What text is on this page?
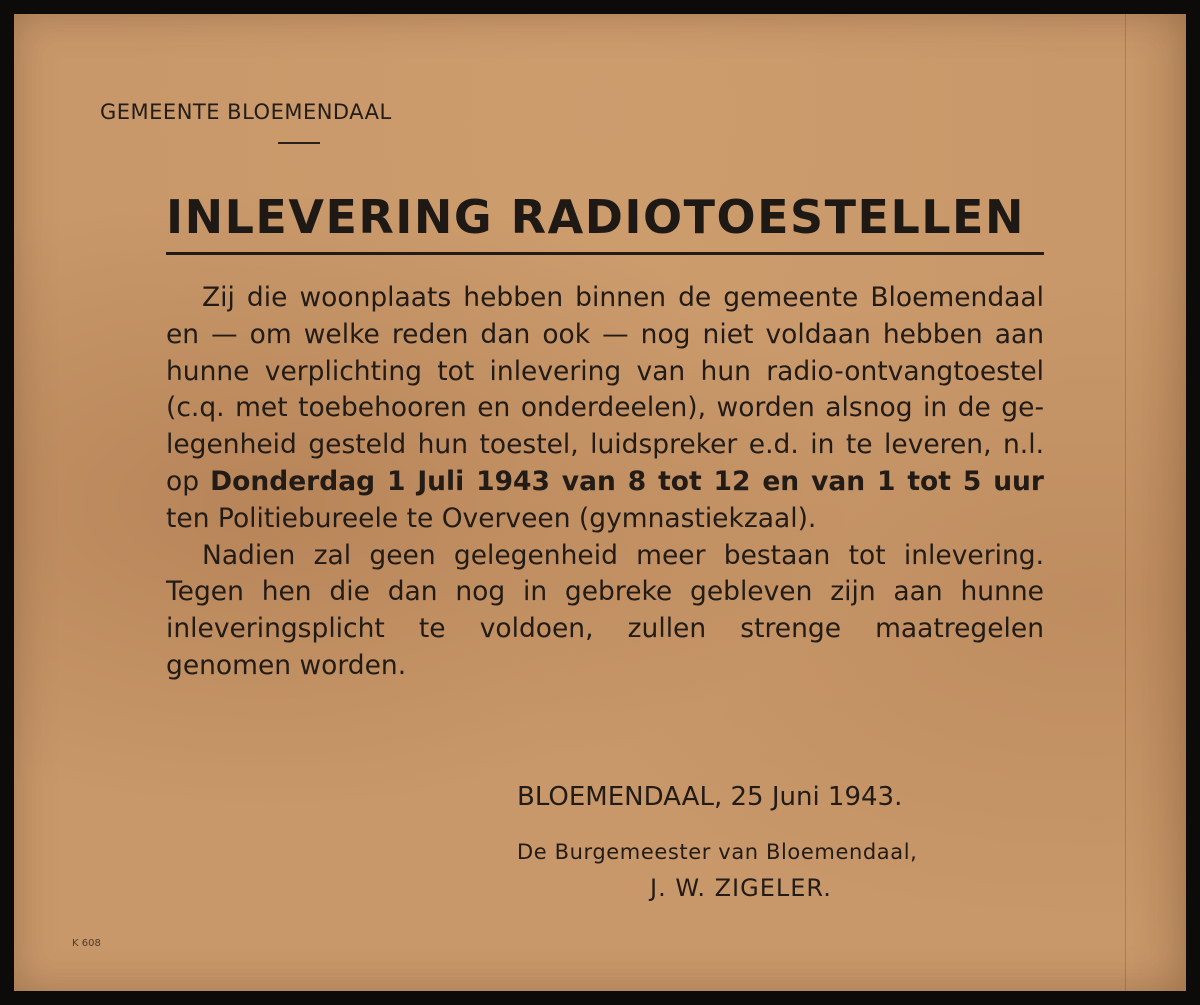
GEMEENTE BLOEMENDAAL
INLEVERING RADIOTOESTELLEN

Zij die woonplaats hebben binnen de gemeente Bloemendaal en — om welke reden dan ook — nog niet voldaan hebben aan hunne verplichting tot inlevering van hun radio-ontvangtoestel (c.q. met toebehooren en onderdeelen), worden alsnog in de gelegenheid gesteld hun toestel, luidspreker e.d. in te leveren, n.l. op Donderdag 1 Juli 1943 van 8 tot 12 en van 1 tot 5 uur ten Politiebureele te Overveen (gymnastiekzaal).

Nadien zal geen gelegenheid meer bestaan tot inlevering. Tegen hen die dan nog in gebreke gebleven zijn aan hunne inleveringsplicht te voldoen, zullen strenge maatregelen genomen worden.

BLOEMENDAAL, 25 Juni 1943.
De Burgemeester van Bloemendaal,
J. W. ZIGELER.
K 608
